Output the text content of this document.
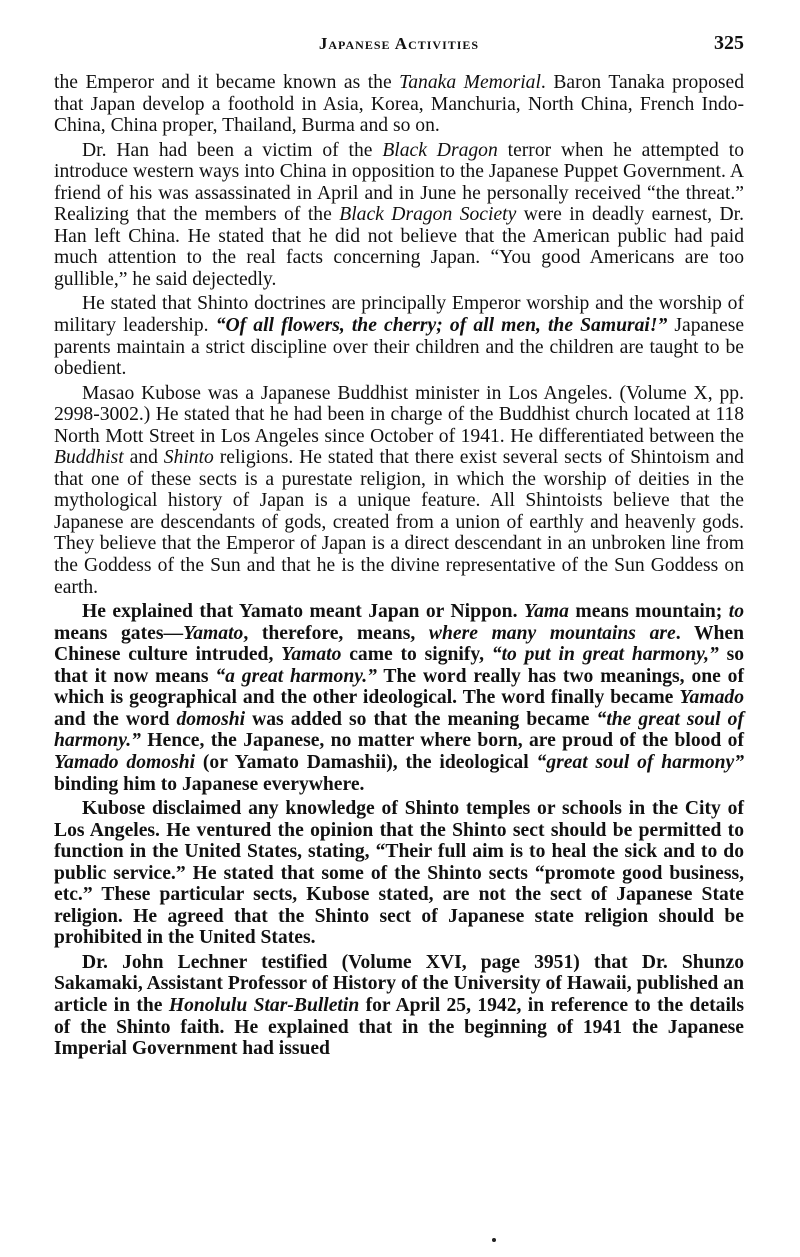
Japanese Activities	325

the Emperor and it became known as the Tanaka Memorial. Baron Tanaka proposed that Japan develop a foothold in Asia, Korea, Manchuria, North China, French Indo-China, China proper, Thailand, Burma and so on.

Dr. Han had been a victim of the Black Dragon terror when he attempted to introduce western ways into China in opposition to the Japanese Puppet Government. A friend of his was assassinated in April and in June he personally received “the threat.” Realizing that the members of the Black Dragon Society were in deadly earnest, Dr. Han left China. He stated that he did not believe that the American public had paid much attention to the real facts concerning Japan. “You good Americans are too gullible,” he said dejectedly.

He stated that Shinto doctrines are principally Emperor worship and the worship of military leadership. “Of all flowers, the cherry; of all men, the Samurai!” Japanese parents maintain a strict discipline over their children and the children are taught to be obedient.

Masao Kubose was a Japanese Buddhist minister in Los Angeles. (Volume X, pp. 2998-3002.) He stated that he had been in charge of the Buddhist church located at 118 North Mott Street in Los Angeles since October of 1941. He differentiated between the Buddhist and Shinto religions. He stated that there exist several sects of Shintoism and that one of these sects is a purestate religion, in which the worship of deities in the mythological history of Japan is a unique feature. All Shintoists believe that the Japanese are descendants of gods, created from a union of earthly and heavenly gods. They believe that the Emperor of Japan is a direct descendant in an unbroken line from the Goddess of the Sun and that he is the divine representative of the Sun Goddess on earth.

He explained that Yamato meant Japan or Nippon. Yama means mountain; to means gates—Yamato, therefore, means, where many mountains are. When Chinese culture intruded, Yamato came to signify, “to put in great harmony,” so that it now means “a great harmony.” The word really has two meanings, one of which is geographical and the other ideological. The word finally became Yamado and the word domoshi was added so that the meaning became “the great soul of harmony.” Hence, the Japanese, no matter where born, are proud of the blood of Yamado domoshi (or Yamato Damashii), the ideological “great soul of harmony” binding him to Japanese everywhere.

Kubose disclaimed any knowledge of Shinto temples or schools in the City of Los Angeles. He ventured the opinion that the Shinto sect should be permitted to function in the United States, stating, “Their full aim is to heal the sick and to do public service.” He stated that some of the Shinto sects “promote good business, etc.” These particular sects, Kubose stated, are not the sect of Japanese State religion. He agreed that the Shinto sect of Japanese state religion should be prohibited in the United States.

Dr. John Lechner testified (Volume XVI, page 3951) that Dr. Shunzo Sakamaki, Assistant Professor of History of the University of Hawaii, published an article in the Honolulu Star-Bulletin for April 25, 1942, in reference to the details of the Shinto faith. He explained that in the beginning of 1941 the Japanese Imperial Government had issued
